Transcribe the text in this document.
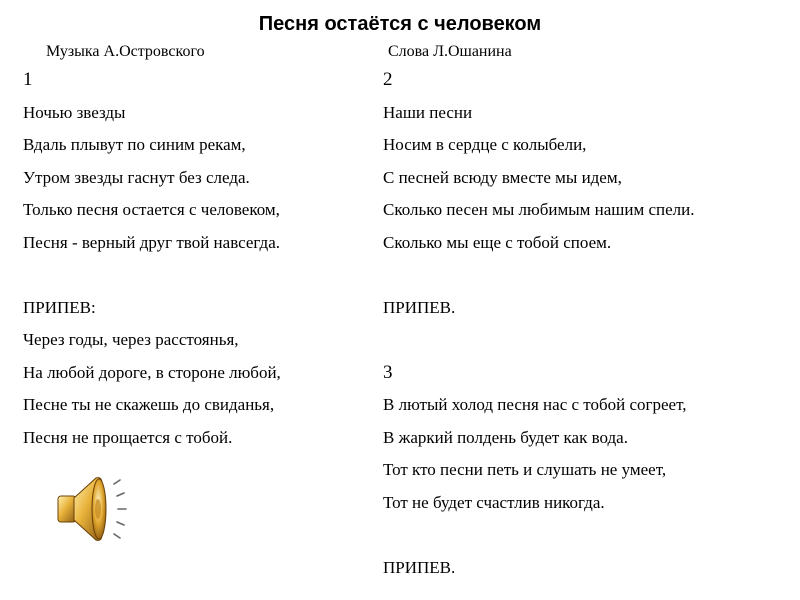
Песня остаётся с человеком
Музыка А.Островского	Слова Л.Ошанина
1
Ночью звезды
Вдаль плывут по синим рекам,
Утром звезды гаснут без следа.
Только песня остается с человеком,
Песня - верный друг твой навсегда.
ПРИПЕВ:
Через годы, через расстоянья,
На любой дороге, в стороне любой,
Песне ты не скажешь до свиданья,
Песня не прощается с тобой.
2
Наши песни
Носим в сердце с колыбели,
С песней всюду вместе мы идем,
Сколько песен мы любимым нашим спели.
Сколько мы еще с тобой споем.
ПРИПЕВ.
3
В лютый холод песня нас с тобой согреет,
В жаркий полдень будет как вода.
Тот кто песни петь и слушать не умеет,
Тот не будет счастлив никогда.
ПРИПЕВ.
